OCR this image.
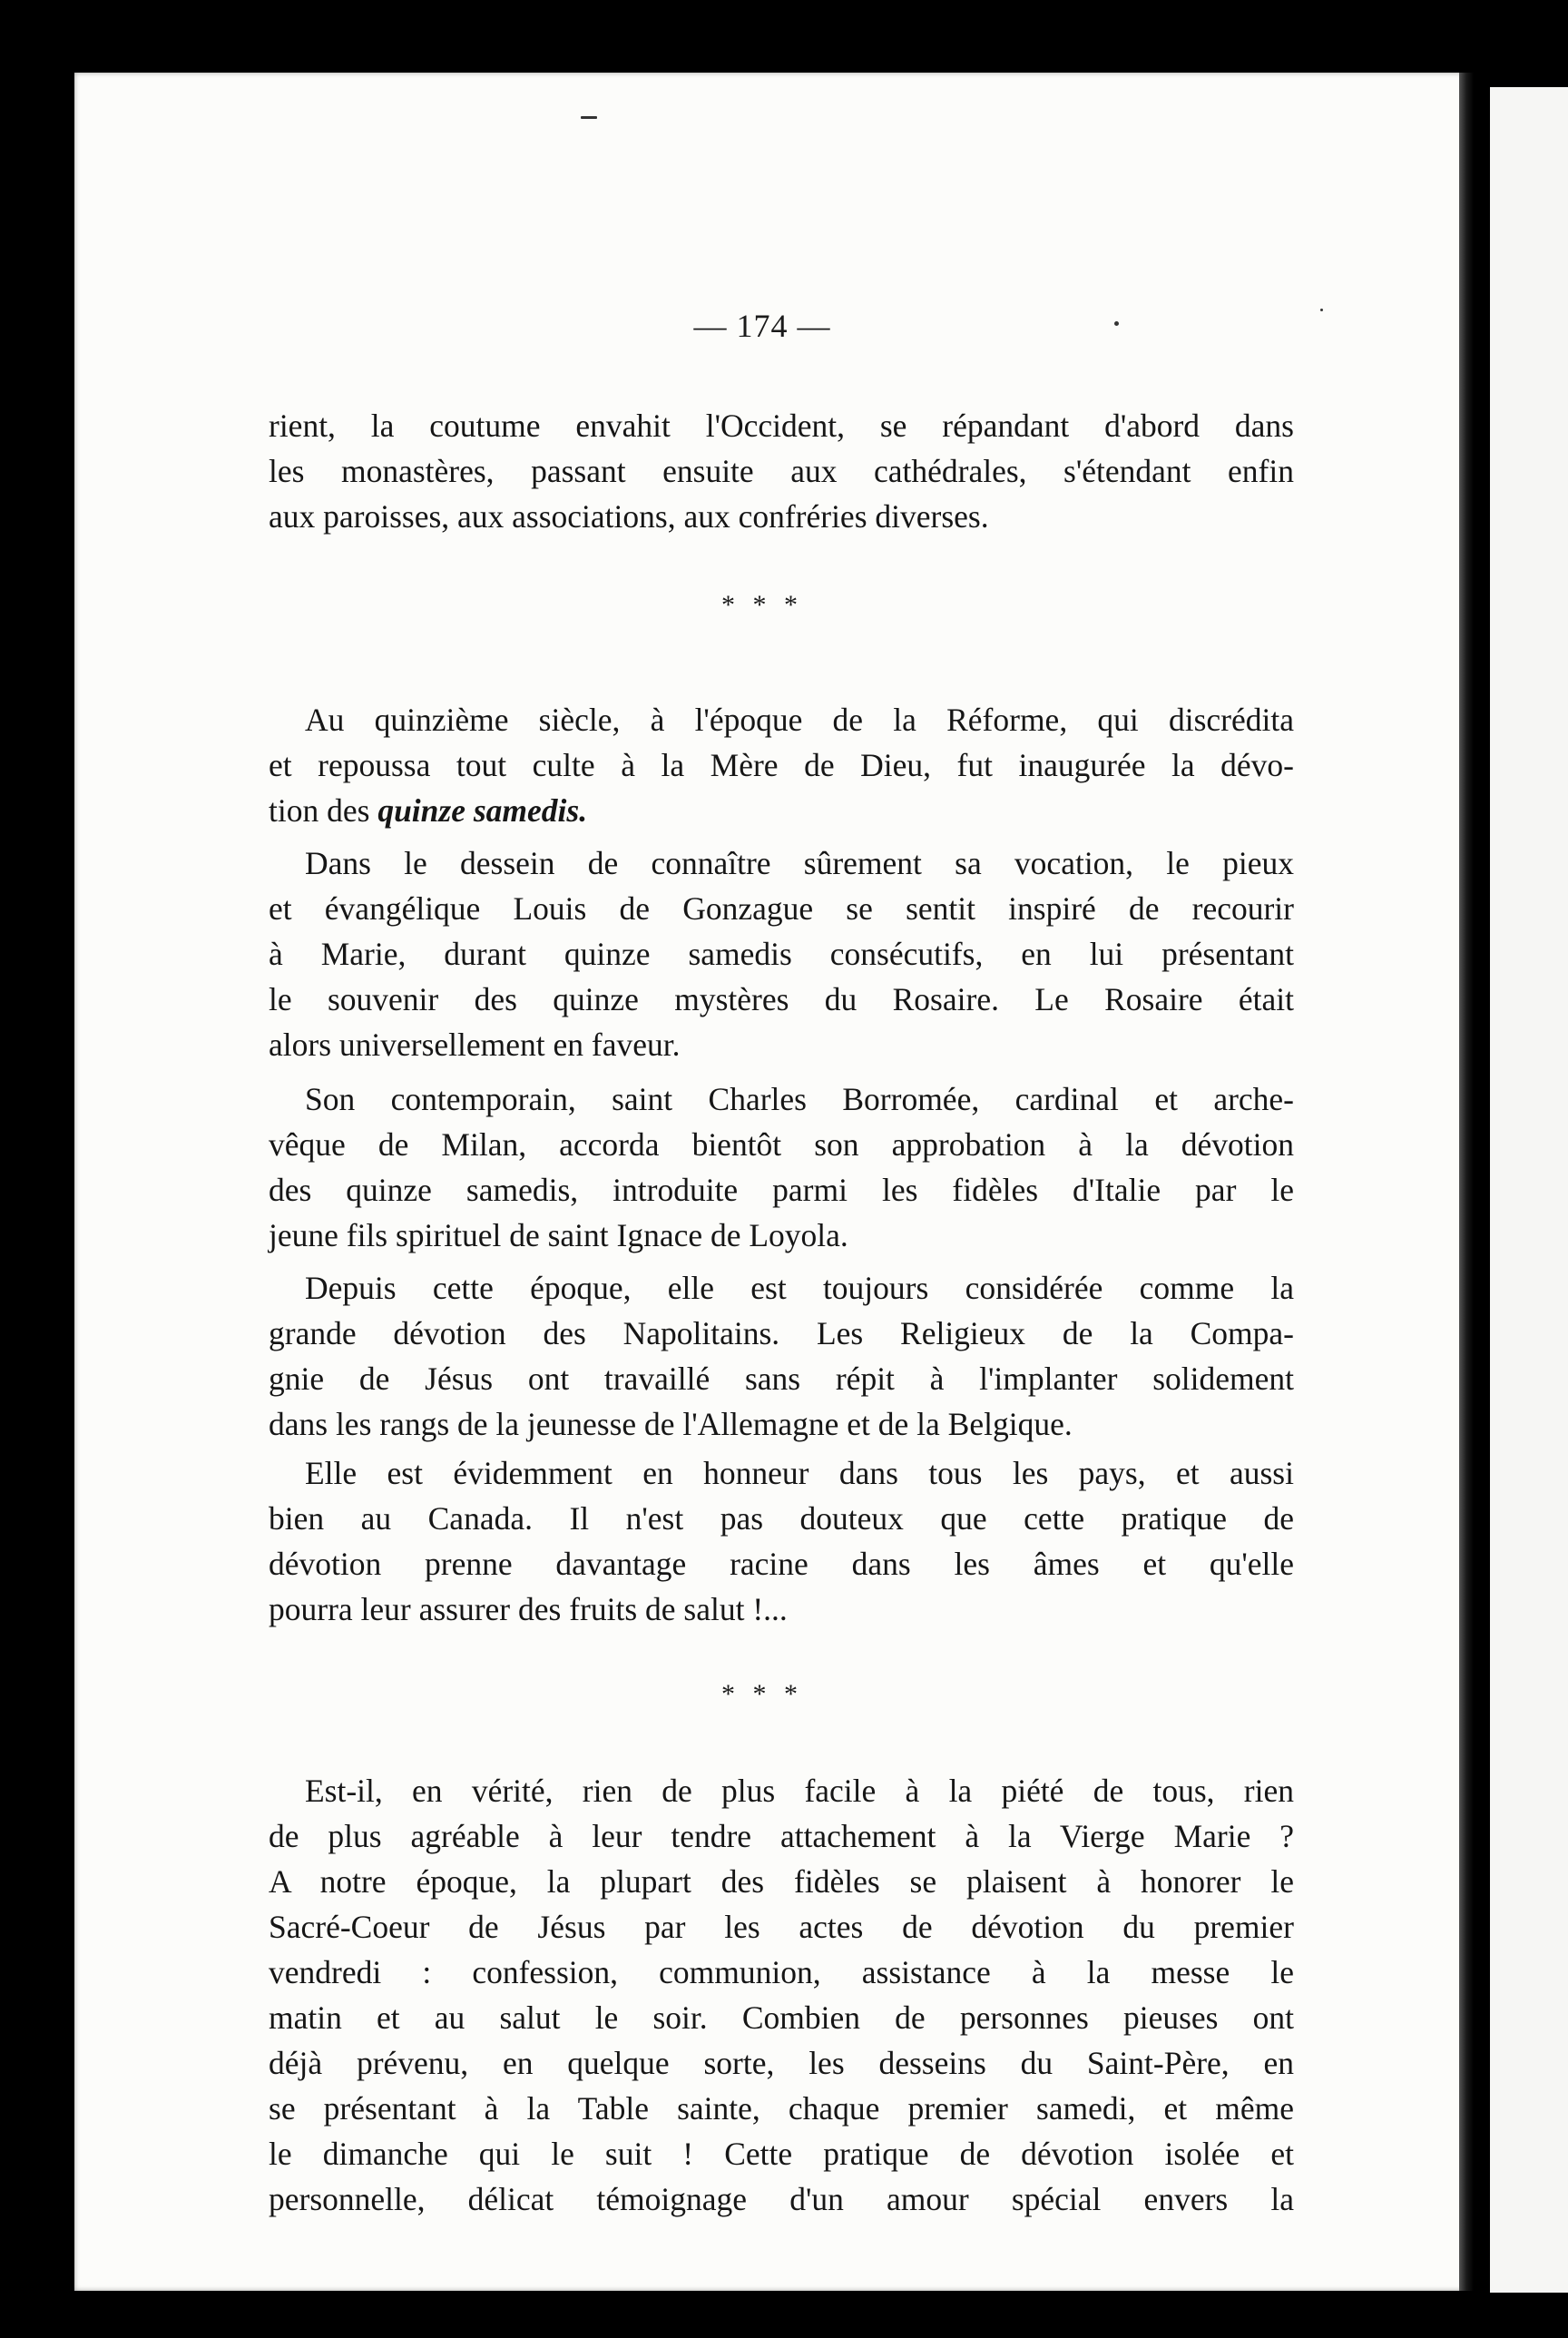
— 174 —
rient, la coutume envahit l'Occident, se répandant d'abord dans
les monastères, passant ensuite aux cathédrales, s'étendant enfin
aux paroisses, aux associations, aux confréries diverses.
* * *
Au quinzième siècle, à l'époque de la Réforme, qui discrédita
et repoussa tout culte à la Mère de Dieu, fut inaugurée la dévo-
tion des quinze samedis.
Dans le dessein de connaître sûrement sa vocation, le pieux
et évangélique Louis de Gonzague se sentit inspiré de recourir
à Marie, durant quinze samedis consécutifs, en lui présentant
le souvenir des quinze mystères du Rosaire. Le Rosaire était
alors universellement en faveur.
Son contemporain, saint Charles Borromée, cardinal et arche-
vêque de Milan, accorda bientôt son approbation à la dévotion
des quinze samedis, introduite parmi les fidèles d'Italie par le
jeune fils spirituel de saint Ignace de Loyola.
Depuis cette époque, elle est toujours considérée comme la
grande dévotion des Napolitains. Les Religieux de la Compa-
gnie de Jésus ont travaillé sans répit à l'implanter solidement
dans les rangs de la jeunesse de l'Allemagne et de la Belgique.
Elle est évidemment en honneur dans tous les pays, et aussi
bien au Canada. Il n'est pas douteux que cette pratique de
dévotion prenne davantage racine dans les âmes et qu'elle
pourra leur assurer des fruits de salut !...
* * *
Est-il, en vérité, rien de plus facile à la piété de tous, rien
de plus agréable à leur tendre attachement à la Vierge Marie ?
A notre époque, la plupart des fidèles se plaisent à honorer le
Sacré-Coeur de Jésus par les actes de dévotion du premier
vendredi : confession, communion, assistance à la messe le
matin et au salut le soir. Combien de personnes pieuses ont
déjà prévenu, en quelque sorte, les desseins du Saint-Père, en
se présentant à la Table sainte, chaque premier samedi, et même
le dimanche qui le suit ! Cette pratique de dévotion isolée et
personnelle, délicat témoignage d'un amour spécial envers la
